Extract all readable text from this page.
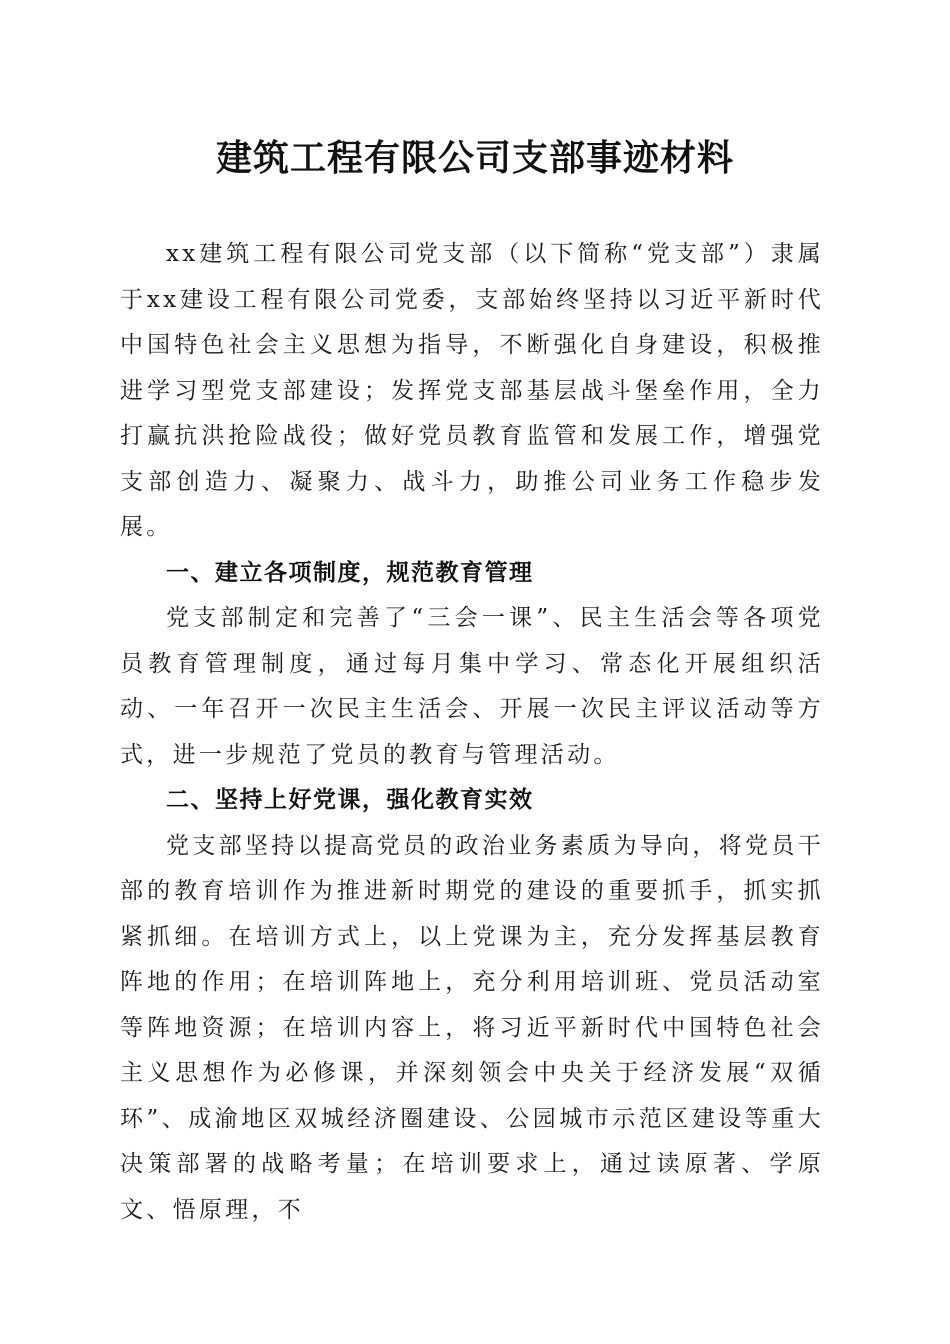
建筑工程有限公司支部事迹材料

xx建筑工程有限公司党支部（以下简称“党支部”）隶属于xx建设工程有限公司党委，支部始终坚持以习近平新时代中国特色社会主义思想为指导，不断强化自身建设，积极推进学习型党支部建设；发挥党支部基层战斗堡垒作用，全力打赢抗洪抢险战役；做好党员教育监管和发展工作，增强党支部创造力、凝聚力、战斗力，助推公司业务工作稳步发展。

一、建立各项制度，规范教育管理

党支部制定和完善了“三会一课”、民主生活会等各项党员教育管理制度，通过每月集中学习、常态化开展组织活动、一年召开一次民主生活会、开展一次民主评议活动等方式，进一步规范了党员的教育与管理活动。

二、坚持上好党课，强化教育实效

党支部坚持以提高党员的政治业务素质为导向，将党员干部的教育培训作为推进新时期党的建设的重要抓手，抓实抓紧抓细。在培训方式上，以上党课为主，充分发挥基层教育阵地的作用；在培训阵地上，充分利用培训班、党员活动室等阵地资源；在培训内容上，将习近平新时代中国特色社会主义思想作为必修课，并深刻领会中央关于经济发展“双循环”、成渝地区双城经济圈建设、公园城市示范区建设等重大决策部署的战略考量；在培训要求上，通过读原著、学原文、悟原理，不
